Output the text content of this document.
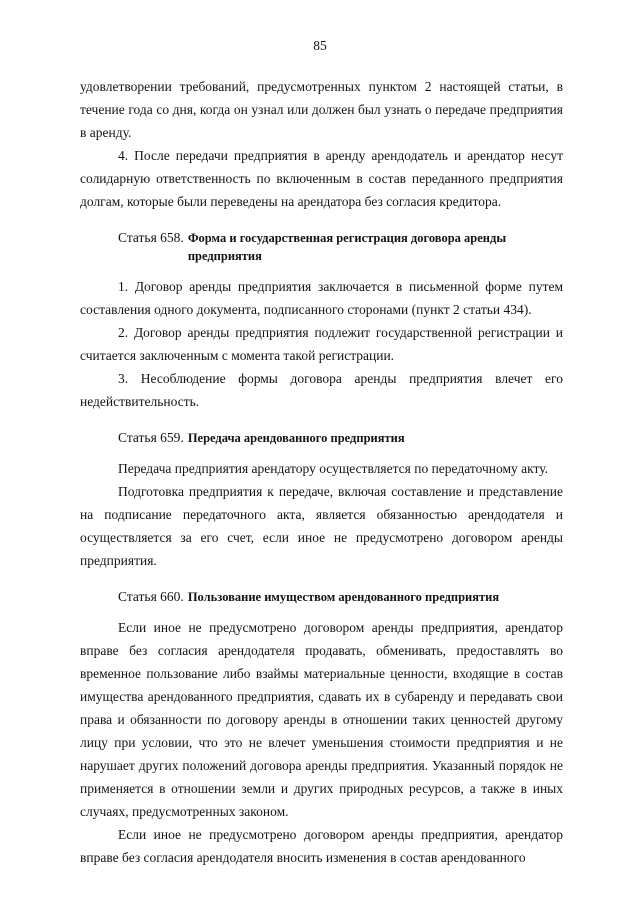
85

удовлетворении требований, предусмотренных пунктом 2 настоящей статьи, в течение года со дня, когда он узнал или должен был узнать о передаче предприятия в аренду.

4. После передачи предприятия в аренду арендодатель и арендатор несут солидарную ответственность по включенным в состав переданного предприятия долгам, которые были переведены на арендатора без согласия кредитора.

Статья 658. Форма и государственная регистрация договора аренды предприятия

1. Договор аренды предприятия заключается в письменной форме путем составления одного документа, подписанного сторонами (пункт 2 статьи 434).

2. Договор аренды предприятия подлежит государственной регистрации и считается заключенным с момента такой регистрации.

3. Несоблюдение формы договора аренды предприятия влечет его недействительность.

Статья 659. Передача арендованного предприятия

Передача предприятия арендатору осуществляется по передаточному акту.

Подготовка предприятия к передаче, включая составление и представление на подписание передаточного акта, является обязанностью арендодателя и осуществляется за его счет, если иное не предусмотрено договором аренды предприятия.

Статья 660. Пользование имуществом арендованного предприятия

Если иное не предусмотрено договором аренды предприятия, арендатор вправе без согласия арендодателя продавать, обменивать, предоставлять во временное пользование либо взаймы материальные ценности, входящие в состав имущества арендованного предприятия, сдавать их в субаренду и передавать свои права и обязанности по договору аренды в отношении таких ценностей другому лицу при условии, что это не влечет уменьшения стоимости предприятия и не нарушает других положений договора аренды предприятия. Указанный порядок не применяется в отношении земли и других природных ресурсов, а также в иных случаях, предусмотренных законом.

Если иное не предусмотрено договором аренды предприятия, арендатор вправе без согласия арендодателя вносить изменения в состав арендованного
